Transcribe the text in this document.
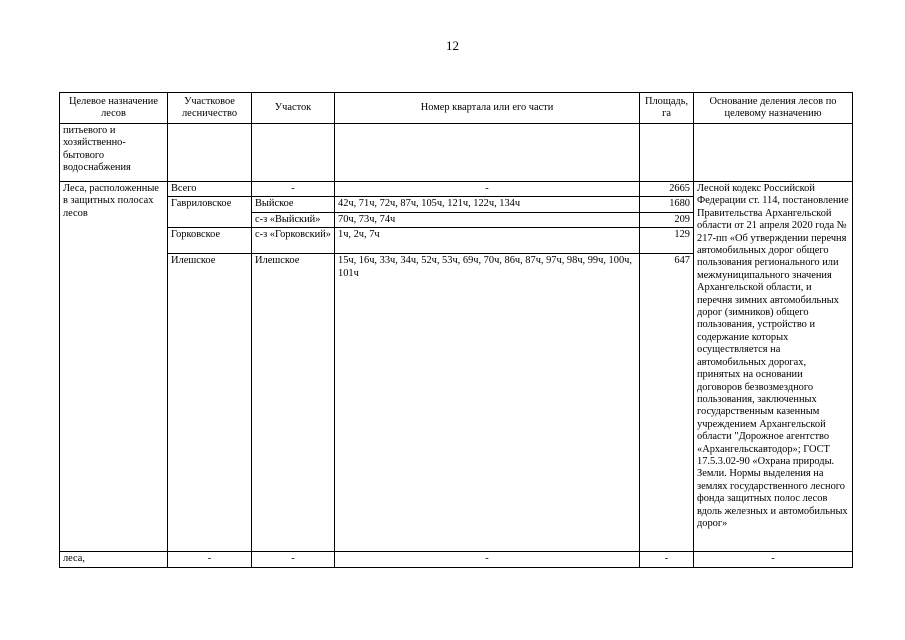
12
Целевое назначение лесов	Участковое лесничество	Участок	Номер квартала или его части	Площадь, га	Основание деления лесов по целевому назначению
питьевого и хозяйственно-бытового водоснабжения					
Леса, расположенные в защитных полосах лесов	Всего	-	-	2665	Лесной кодекс Российской Федерации ст. 114, постановление Правительства Архангельской области от 21 апреля 2020 года № 217-пп «Об утверждении перечня автомобильных дорог общего пользования регионального или межмуниципального значения Архангельской области, и перечня зимних автомобильных дорог (зимников) общего пользования, устройство и содержание которых осуществляется на автомобильных дорогах, принятых на основании договоров безвозмездного пользования, заключенных государственным казенным учреждением Архангельской области "Дорожное агентство «Архангельскавтодор»; ГОСТ 17.5.3.02-90 «Охрана природы. Земли. Нормы выделения на землях государственного лесного фонда защитных полос лесов вдоль железных и автомобильных дорог»
	Гавриловское	Выйское	42ч, 71ч, 72ч, 87ч, 105ч, 121ч, 122ч, 134ч	1680	
		с-з «Выйский»	70ч, 73ч, 74ч	209	
	Горковское	с-з «Горковский»	1ч, 2ч, 7ч	129	
	Илешское	Илешское	15ч, 16ч, 33ч, 34ч, 52ч, 53ч, 69ч, 70ч, 86ч, 87ч, 97ч, 98ч, 99ч, 100ч, 101ч	647	
леса,	-	-	-	-	-
